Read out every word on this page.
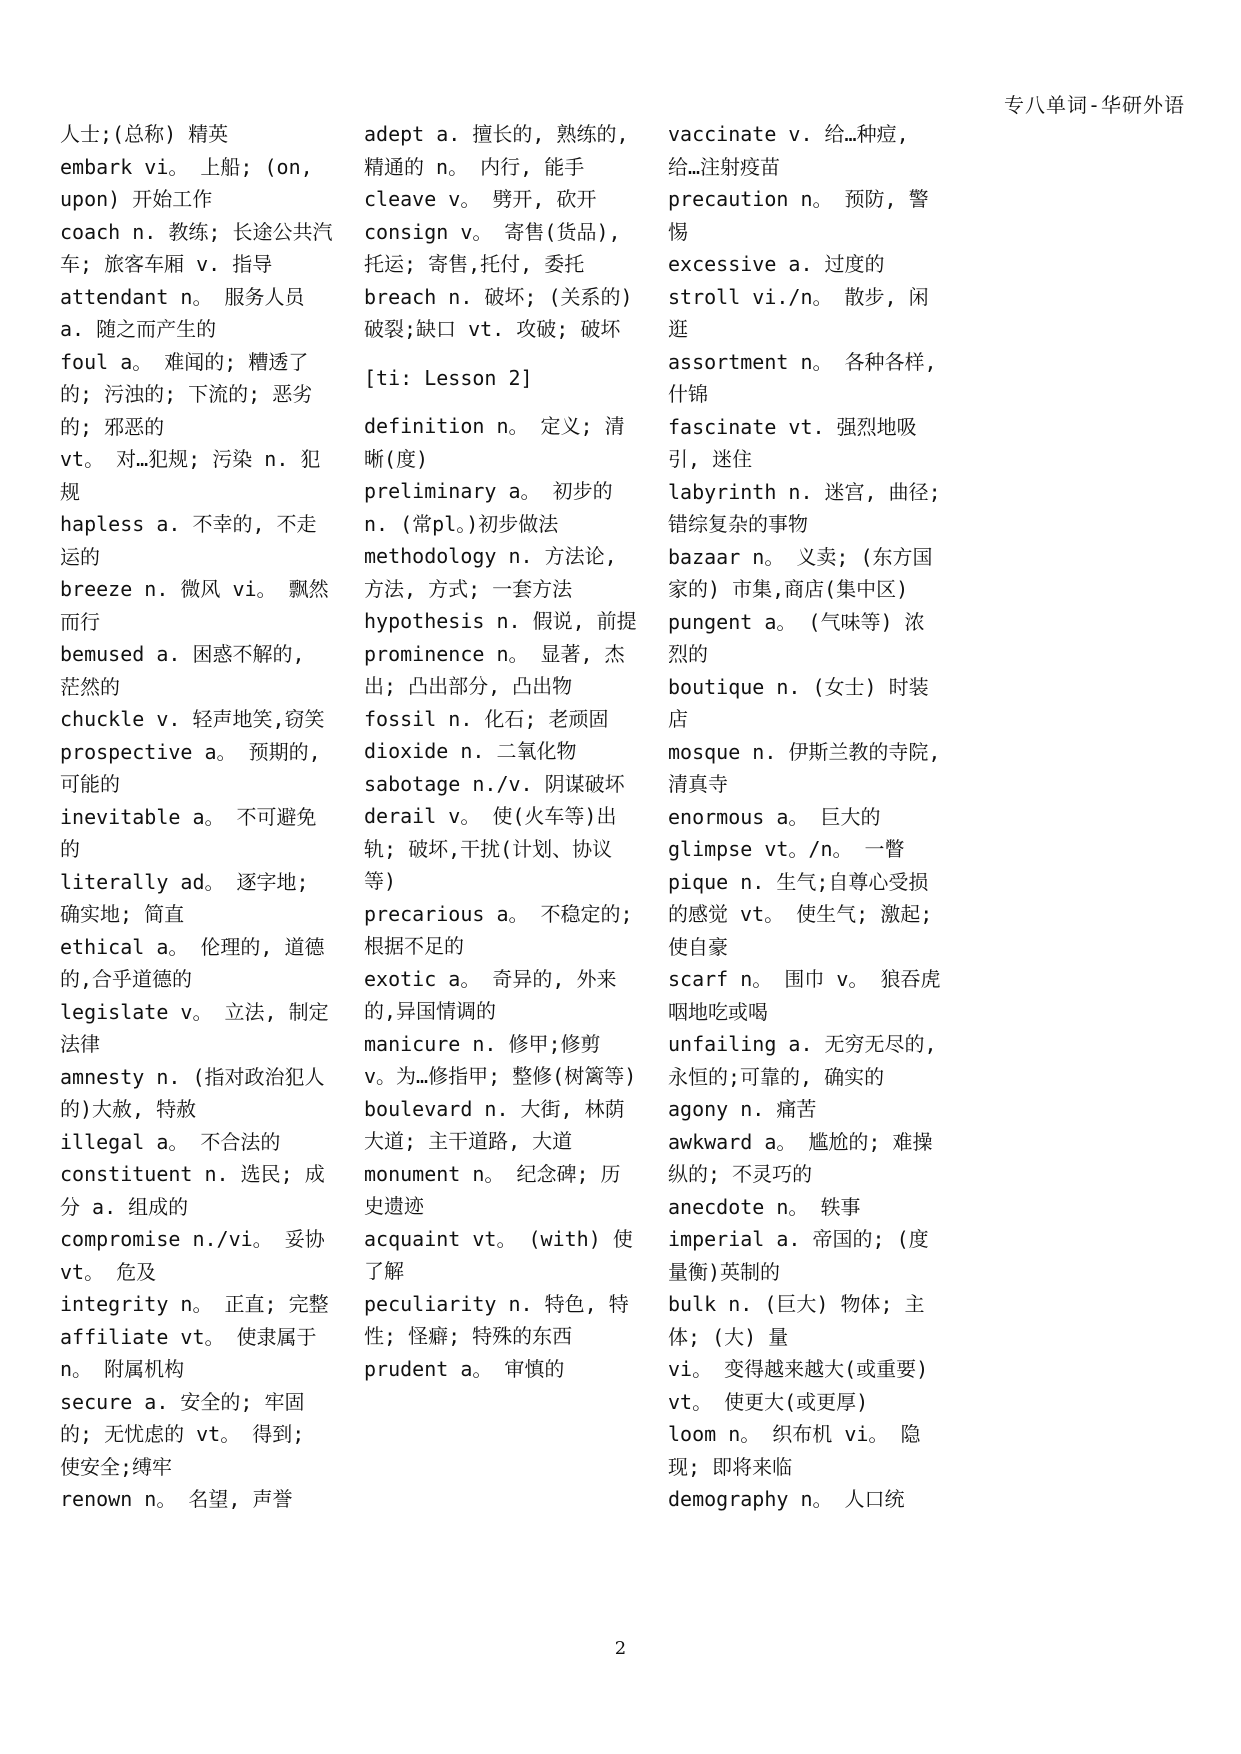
专八单词-华研外语

人士;(总称) 精英

embark vi。 上船; (on, upon) 开始工作

coach n. 教练; 长途公共汽车; 旅客车厢 v. 指导

attendant n。 服务人员 a. 随之而产生的

foul a。 难闻的; 糟透了的; 污浊的; 下流的; 恶劣的; 邪恶的

vt。 对…犯规; 污染 n. 犯规

hapless a. 不幸的, 不走运的

breeze n. 微风 vi。 飘然而行

bemused a. 困惑不解的, 茫然的

chuckle v. 轻声地笑,窃笑

prospective a。 预期的, 可能的

inevitable a。 不可避免的

literally ad。 逐字地; 确实地; 简直

ethical a。 伦理的, 道德的,合乎道德的

legislate v。 立法, 制定法律

amnesty n. (指对政治犯人的)大赦, 特赦

illegal a。 不合法的

constituent n. 选民; 成分 a. 组成的

compromise n./vi。 妥协 vt。 危及

integrity n。 正直; 完整

affiliate vt。 使隶属于n。 附属机构

secure a. 安全的; 牢固的; 无忧虑的 vt。 得到; 使安全;缚牢

renown n。 名望, 声誉

adept a. 擅长的, 熟练的, 精通的 n。 内行, 能手

cleave v。 劈开, 砍开

consign v。 寄售(货品),托运; 寄售,托付, 委托

breach n. 破坏; (关系的)破裂;缺口 vt. 攻破; 破坏

[ti: Lesson 2]

definition n。 定义; 清晰(度)

preliminary a。 初步的 n. (常pl。)初步做法

methodology n. 方法论, 方法, 方式; 一套方法

hypothesis n. 假说, 前提

prominence n。 显著, 杰出; 凸出部分, 凸出物

fossil n. 化石; 老顽固

dioxide n. 二氧化物

sabotage n./v. 阴谋破坏

derail v。 使(火车等)出轨; 破坏,干扰(计划、协议等)

precarious a。 不稳定的; 根据不足的

exotic a。 奇异的, 外来的,异国情调的

manicure n. 修甲;修剪 v。为…修指甲; 整修(树篱等)

boulevard n. 大街, 林荫大道; 主干道路, 大道

monument n。 纪念碑; 历史遗迹

acquaint vt。 (with) 使了解

peculiarity n. 特色, 特性; 怪癖; 特殊的东西

prudent a。 审慎的

vaccinate v. 给…种痘, 给…注射疫苗

precaution n。 预防, 警惕

excessive a. 过度的

stroll vi./n。 散步, 闲逛

assortment n。 各种各样, 什锦

fascinate vt. 强烈地吸引, 迷住

labyrinth n. 迷宫, 曲径;错综复杂的事物

bazaar n。 义卖; (东方国家的) 市集,商店(集中区)

pungent a。 (气味等) 浓烈的

boutique n. (女士) 时装店

mosque n. 伊斯兰教的寺院, 清真寺

enormous a。 巨大的

glimpse vt。/n。 一瞥

pique n. 生气;自尊心受损的感觉 vt。 使生气; 激起; 使自豪

scarf n。 围巾 v。 狼吞虎咽地吃或喝

unfailing a. 无穷无尽的, 永恒的;可靠的, 确实的

agony n. 痛苦

awkward a。 尴尬的; 难操纵的; 不灵巧的

anecdote n。 轶事

imperial a. 帝国的; (度量衡)英制的

bulk n. (巨大) 物体; 主体; (大) 量

vi。 变得越来越大(或重要) vt。 使更大(或更厚)

loom n。 织布机 vi。 隐现; 即将来临

demography n。 人口统

2
